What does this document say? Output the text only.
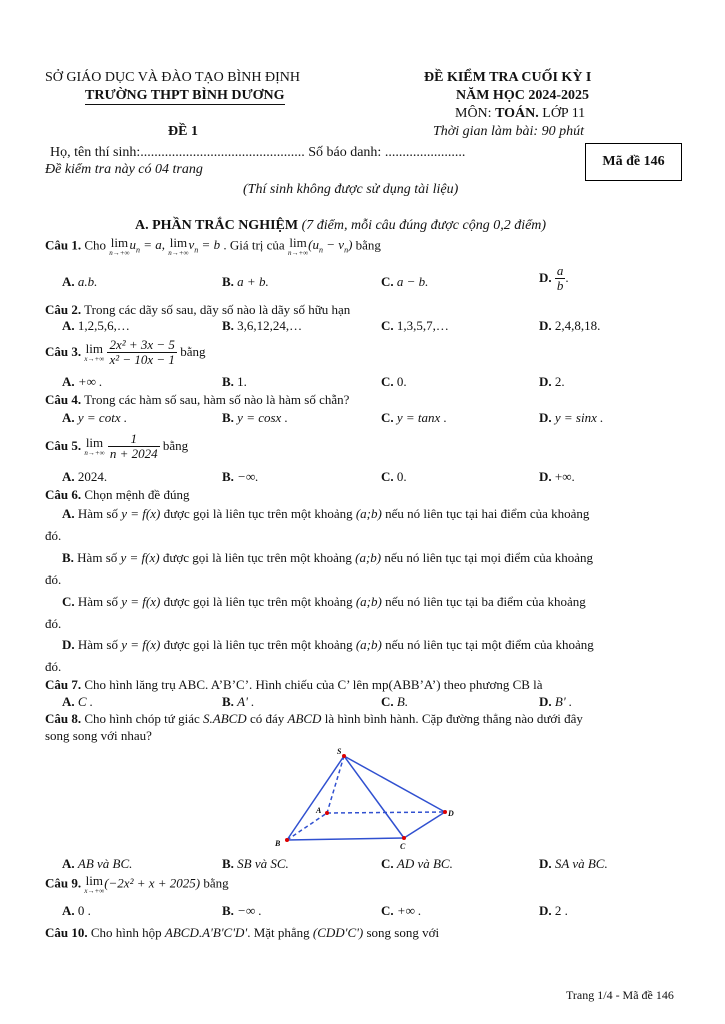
SỞ GIÁO DỤC VÀ ĐÀO TẠO BÌNH ĐỊNH
TRƯỜNG THPT BÌNH DƯƠNG
ĐỀ KIỂM TRA CUỐI KỲ I
NĂM HỌC 2024-2025
MÔN: TOÁN. LỚP 11
ĐỀ 1	Thời gian làm bài: 90 phút
Họ, tên thí sinh:............................................... Số báo danh: .......................
Đề kiểm tra này có 04 trang
(Thí sinh không được sử dụng tài liệu)
Mã đề 146
A. PHẦN TRẮC NGHIỆM (7 điểm, mỗi câu đúng được cộng 0,2 điểm)
Câu 1. Cho lim
n→+∞
$u_n = a$, lim
n→+∞
$v_n = b$ . Giá trị của lim
n→+∞
$(u_n - v_n)$ bằng
A. a.b.	B. a + b.	C. a − b.	D. $\frac{a}{b}$ .
Câu 2. Trong các dãy số sau, dãy số nào là dãy số hữu hạn
A. 1,2,5,6,…	B. 3,6,12,24,…	C. 1,3,5,7,…	D. 2,4,8,18.
Câu 3. lim
x→+∞
$\frac{\text{2x² + 3x − 5}}{\text{x² − 10x − 1}}$ bằng
A. +∞ .	B. 1.	C. 0.	D. 2.
Câu 4. Trong các hàm số sau, hàm số nào là hàm số chẵn?
A. y = cotx .	B. y = cosx .	C. y = tanx .	D. y = sinx .
Câu 5. lim
n→+∞
$\frac{1}{n + 2024}$ bằng
A. 2024.	B. −∞.	C. 0.	D. +∞.
Câu 6. Chọn mệnh đề đúng
A. Hàm số y = f(x) được gọi là liên tục trên một khoảng (a;b) nếu nó liên tục tại hai điểm của khoảng
đó.
B. Hàm số y = f(x) được gọi là liên tục trên một khoảng (a;b) nếu nó liên tục tại mọi điểm của khoảng
đó.
C. Hàm số y = f(x) được gọi là liên tục trên một khoảng (a;b) nếu nó liên tục tại ba điểm của khoảng
đó.
D. Hàm số y = f(x) được gọi là liên tục trên một khoảng (a;b) nếu nó liên tục tại một điểm của khoảng
đó.
Câu 7. Cho hình lăng trụ ABC. A’B’C’. Hình chiếu của C’ lên mp(ABB’A’) theo phương CB là
A. C .	B. A' .	C. B.	D. B' .
Câu 8. Cho hình chóp tứ giác S.ABCD có đáy ABCD là hình bình hành. Cặp đường thẳng nào dưới đây
song song với nhau?
S
A
B	C
D
A. AB và BC.	B. SB và SC.	C. AD và BC.	D. SA và BC.
Câu 9. lim
x→+∞
(−2x² + x + 2025) bằng
A. 0 .	B. −∞ .	C. +∞ .	D. 2 .
Câu 10. Cho hình hộp ABCD.A'B'C'D'. Mặt phẳng (CDD'C') song song với
Trang 1/4 - Mã đề 146
